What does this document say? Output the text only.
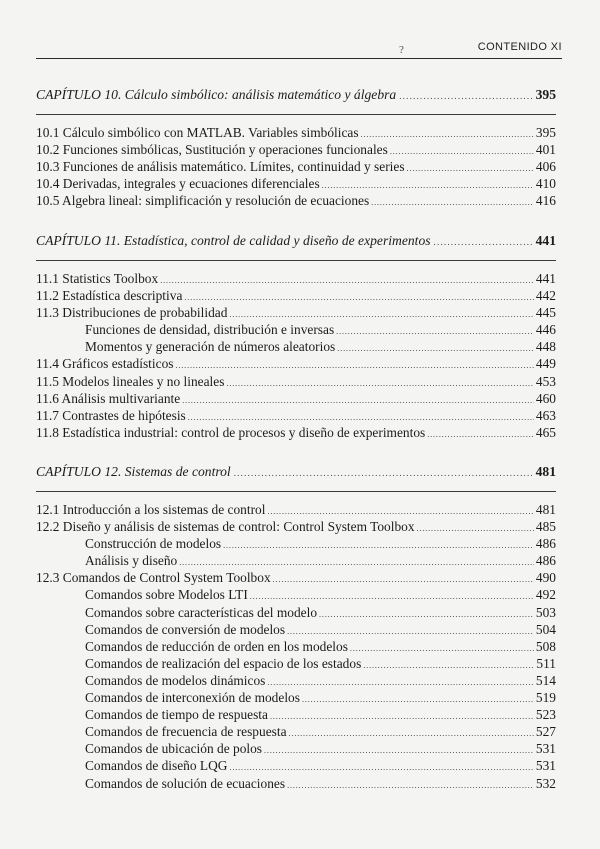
?	CONTENIDO XI
CAPÍTULO 10. Cálculo simbólico: análisis matemático y álgebra .....	395
10.1 Cálculo simbólico con MATLAB. Variables simbólicas .....	395
10.2 Funciones simbólicas, Sustitución y operaciones funcionales .....	401
10.3 Funciones de análisis matemático. Límites, continuidad y series .....	406
10.4 Derivadas, integrales y ecuaciones diferenciales .....	410
10.5 Algebra lineal: simplificación y resolución de ecuaciones .....	416
CAPÍTULO 11. Estadística, control de calidad y diseño de experimentos .....	441
11.1 Statistics Toolbox .....	441
11.2 Estadística descriptiva .....	442
11.3 Distribuciones de probabilidad .....	445
Funciones de densidad, distribución e inversas .....	446
Momentos y generación de números aleatorios .....	448
11.4 Gráficos estadísticos .....	449
11.5 Modelos lineales y no lineales .....	453
11.6 Análisis multivariante .....	460
11.7 Contrastes de hipótesis .....	463
11.8 Estadística industrial: control de procesos y diseño de experimentos .....	465
CAPÍTULO 12. Sistemas de control .....	481
12.1 Introducción a los sistemas de control .....	481
12.2 Diseño y análisis de sistemas de control: Control System Toolbox .....	485
Construcción de modelos .....	486
Análisis y diseño .....	486
12.3 Comandos de Control System Toolbox .....	490
Comandos sobre Modelos LTI .....	492
Comandos sobre características del modelo .....	503
Comandos de conversión de modelos .....	504
Comandos de reducción de orden en los modelos .....	508
Comandos de realización del espacio de los estados .....	511
Comandos de modelos dinámicos .....	514
Comandos de interconexión de modelos .....	519
Comandos de tiempo de respuesta .....	523
Comandos de frecuencia de respuesta .....	527
Comandos de ubicación de polos .....	531
Comandos de diseño LQG .....	531
Comandos de solución de ecuaciones .....	532
